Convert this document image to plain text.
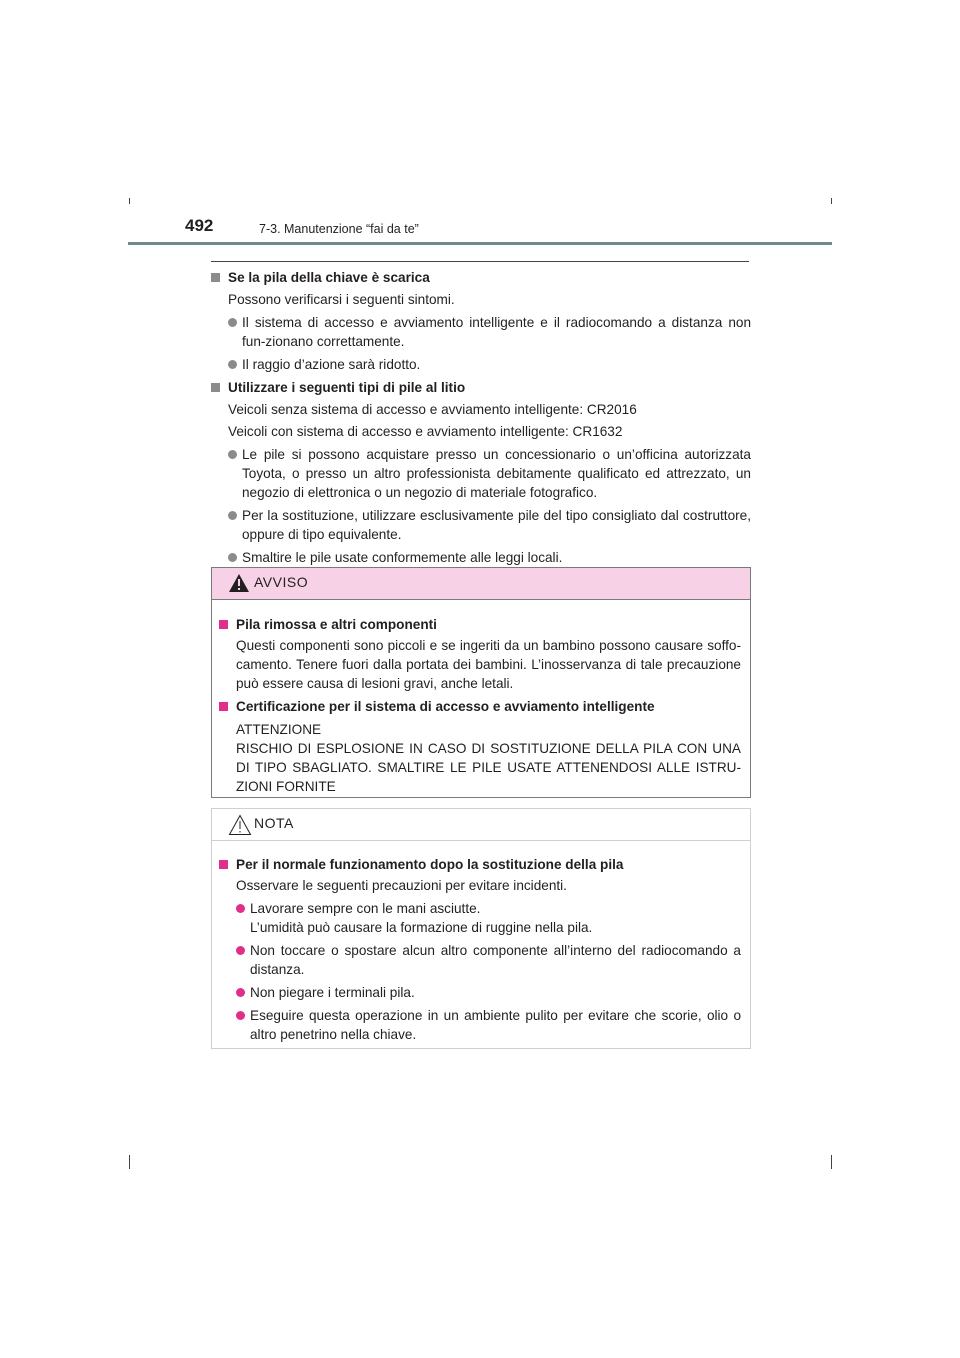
492	7-3. Manutenzione “fai da te”

Se la pila della chiave è scarica

Possono verificarsi i seguenti sintomi.

Il sistema di accesso e avviamento intelligente e il radiocomando a distanza non fun-zionano correttamente.

Il raggio d’azione sarà ridotto.

Utilizzare i seguenti tipi di pile al litio

Veicoli senza sistema di accesso e avviamento intelligente: CR2016

Veicoli con sistema di accesso e avviamento intelligente: CR1632

Le pile si possono acquistare presso un concessionario o un’officina autorizzata Toyota, o presso un altro professionista debitamente qualificato ed attrezzato, un negozio di elettronica o un negozio di materiale fotografico.

Per la sostituzione, utilizzare esclusivamente pile del tipo consigliato dal costruttore, oppure di tipo equivalente.

Smaltire le pile usate conformemente alle leggi locali.

AVVISO

Pila rimossa e altri componenti

Questi componenti sono piccoli e se ingeriti da un bambino possono causare soffo-camento. Tenere fuori dalla portata dei bambini. L’inosservanza di tale precauzione può essere causa di lesioni gravi, anche letali.

Certificazione per il sistema di accesso e avviamento intelligente

ATTENZIONE

RISCHIO DI ESPLOSIONE IN CASO DI SOSTITUZIONE DELLA PILA CON UNA DI TIPO SBAGLIATO. SMALTIRE LE PILE USATE ATTENENDOSI ALLE ISTRU-ZIONI FORNITE

NOTA

Per il normale funzionamento dopo la sostituzione della pila

Osservare le seguenti precauzioni per evitare incidenti.

Lavorare sempre con le mani asciutte.
L’umidità può causare la formazione di ruggine nella pila.

Non toccare o spostare alcun altro componente all’interno del radiocomando a distanza.

Non piegare i terminali pila.

Eseguire questa operazione in un ambiente pulito per evitare che scorie, olio o altro penetrino nella chiave.
